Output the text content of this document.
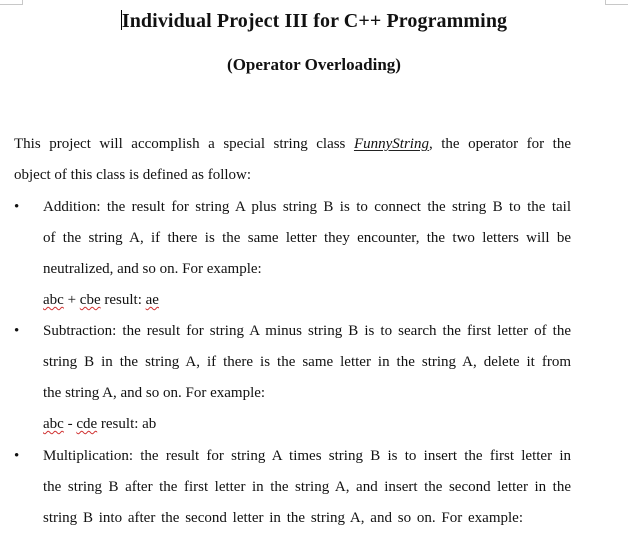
Individual Project III for C++ Programming
(Operator Overloading)
This project will accomplish a special string class FunnyString, the operator for the
object of this class is defined as follow:
• Addition: the result for string A plus string B is to connect the string B to the tail
of the string A, if there is the same letter they encounter, the two letters will be
neutralized, and so on. For example:
abc + cbe result: ae
• Subtraction: the result for string A minus string B is to search the first letter of the
string B in the string A, if there is the same letter in the string A, delete it from
the string A, and so on. For example:
abc - cde result: ab
• Multiplication: the result for string A times string B is to insert the first letter in
the string B after the first letter in the string A, and insert the second letter in the
string B into after the second letter in the string A, and so on. For example:
